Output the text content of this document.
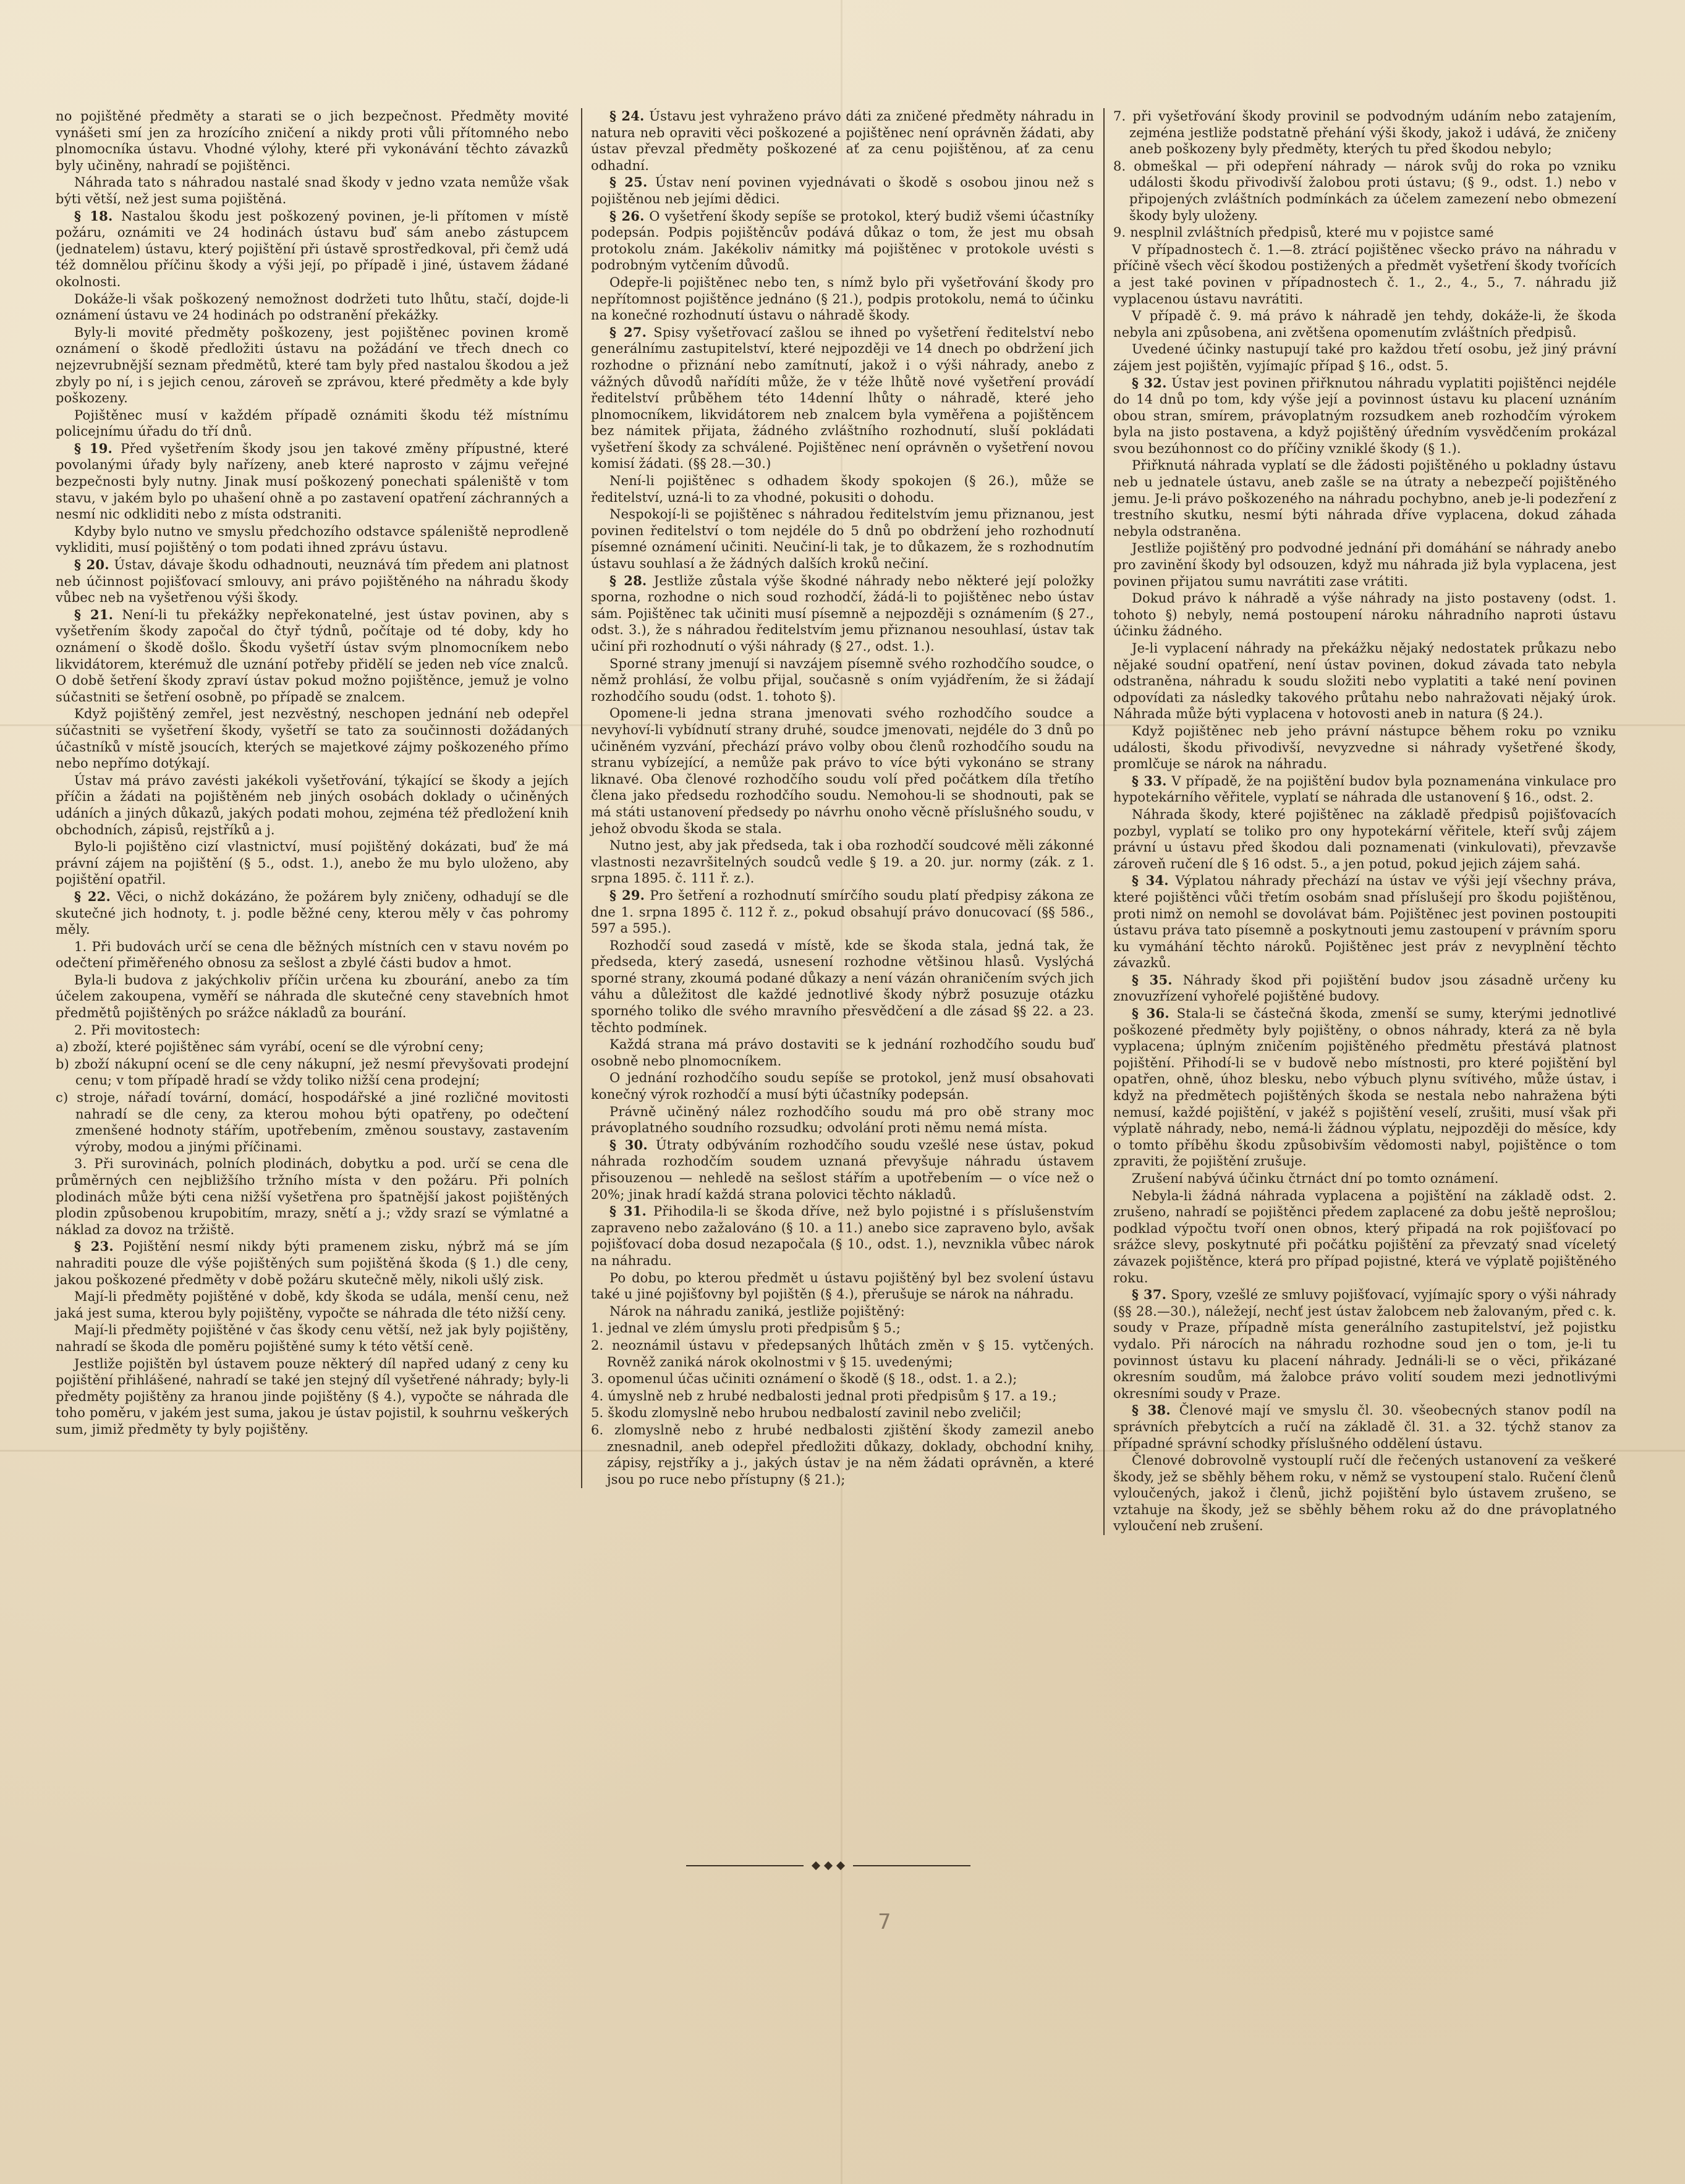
no pojištěné předměty a starati se o jich bezpečnost. Předměty movité vynášeti smí jen za hrozícího zničení a nikdy proti vůli přítomného nebo plnomocníka ústavu. Vhodné výlohy, které při vykonávání těchto závazků byly učiněny, nahradí se pojištěnci.

Náhrada tato s náhradou nastalé snad škody v jedno vzata nemůže však býti větší, než jest suma pojištěná.

§ 18. Nastalou škodu jest poškozený povinen, je-li přítomen v místě požáru, oznámiti ve 24 hodinách ústavu buď sám anebo zástupcem (jednatelem) ústavu, který pojištění při ústavě sprostředkoval, při čemž udá též domnělou příčinu škody a výši její, po případě i jiné, ústavem žádané okolnosti.

Dokáže-li však poškozený nemožnost dodržeti tuto lhůtu, stačí, dojde-li oznámení ústavu ve 24 hodinách po odstranění překážky.

Byly-li movité předměty poškozeny, jest pojištěnec povinen kromě oznámení o škodě předložiti ústavu na požádání ve třech dnech co nejzevrubnější seznam předmětů, které tam byly před nastalou škodou a jež zbyly po ní, i s jejich cenou, zároveň se zprávou, které předměty a kde byly poškozeny.

Pojištěnec musí v každém případě oznámiti škodu též místnímu policejnímu úřadu do tří dnů.

§ 19. Před vyšetřením škody jsou jen takové změny přípustné, které povolanými úřady byly nařízeny, aneb které naprosto v zájmu veřejné bezpečnosti byly nutny. Jinak musí poškozený ponechati spáleniště v tom stavu, v jakém bylo po uhašení ohně a po zastavení opatření záchranných a nesmí nic odkliditi nebo z místa odstraniti.

Kdyby bylo nutno ve smyslu předchozího odstavce spáleniště neprodleně vykliditi, musí pojištěný o tom podati ihned zprávu ústavu.

§ 20. Ústav, dávaje škodu odhadnouti, neuznává tím předem ani platnost neb účinnost pojišťovací smlouvy, ani právo pojištěného na náhradu škody vůbec neb na vyšetřenou výši škody.

§ 21. Není-li tu překážky nepřekonatelné, jest ústav povinen, aby s vyšetřením škody započal do čtyř týdnů, počítaje od té doby, kdy ho oznámení o škodě došlo. Škodu vyšetří ústav svým plnomocníkem nebo likvidátorem, kterémuž dle uznání potřeby přidělí se jeden neb více znalců. O době šetření škody zpraví ústav pokud možno pojištěnce, jemuž je volno súčastniti se šetření osobně, po případě se znalcem.

Když pojištěný zemřel, jest nezvěstný, neschopen jednání neb odepřel súčastniti se vyšetření škody, vyšetří se tato za součinnosti dožádaných účastníků v místě jsoucích, kterých se majetkové zájmy poškozeného přímo nebo nepřímo dotýkají.

Ústav má právo zavésti jakékoli vyšetřování, týkající se škody a jejích příčin a žádati na pojištěném neb jiných osobách doklady o učiněných udáních a jiných důkazů, jakých podati mohou, zejména též předložení knih obchodních, zápisů, rejstříků a j.

Bylo-li pojištěno cizí vlastnictví, musí pojištěný dokázati, buď že má právní zájem na pojištění (§ 5., odst. 1.), anebo že mu bylo uloženo, aby pojištění opatřil.

§ 22. Věci, o nichž dokázáno, že požárem byly zničeny, odhadují se dle skutečné jich hodnoty, t. j. podle běžné ceny, kterou měly v čas pohromy měly.

1. Při budovách určí se cena dle běžných místních cen v stavu novém po odečtení přiměřeného obnosu za sešlost a zbylé části budov a hmot.

Byla-li budova z jakýchkoliv příčin určena ku zbourání, anebo za tím účelem zakoupena, vyměří se náhrada dle skutečné ceny stavebních hmot předmětů pojištěných po srážce nákladů za bourání.

2. Při movitostech:

a) zboží, které pojištěnec sám vyrábí, ocení se dle výrobní ceny;

b) zboží nákupní ocení se dle ceny nákupní, jež nesmí převyšovati prodejní cenu; v tom případě hradí se vždy toliko nižší cena prodejní;

c) stroje, nářadí tovární, domácí, hospodářské a jiné rozličné movitosti nahradí se dle ceny, za kterou mohou býti opatřeny, po odečtení zmenšené hodnoty stářím, upotřebením, změnou soustavy, zastavením výroby, modou a jinými příčinami.

3. Při surovinách, polních plodinách, dobytku a pod. určí se cena dle průměrných cen nejbližšího tržního místa v den požáru. Při polních plodinách může býti cena nižší vyšetřena pro špatnější jakost pojištěných plodin způsobenou krupobitím, mrazy, snětí a j.; vždy srazí se výmlatné a náklad za dovoz na tržiště.

§ 23. Pojištění nesmí nikdy býti pramenem zisku, nýbrž má se jím nahraditi pouze dle výše pojištěných sum pojištěná škoda (§ 1.) dle ceny, jakou poškozené předměty v době požáru skutečně měly, nikoli ušlý zisk.

Mají-li předměty pojištěné v době, kdy škoda se udála, menší cenu, než jaká jest suma, kterou byly pojištěny, vypočte se náhrada dle této nižší ceny.

Mají-li předměty pojištěné v čas škody cenu větší, než jak byly pojištěny, nahradí se škoda dle poměru pojištěné sumy k této větší ceně.

Jestliže pojištěn byl ústavem pouze některý díl napřed udaný z ceny ku pojištění přihlášené, nahradí se také jen stejný díl vyšetřené náhrady; byly-li předměty pojištěny za hranou jinde pojištěny (§ 4.), vypočte se náhrada dle toho poměru, v jakém jest suma, jakou je ústav pojistil, k souhrnu veškerých sum, jimiž předměty ty byly pojištěny.

§ 24. Ústavu jest vyhraženo právo dáti za zničené předměty náhradu in natura neb opraviti věci poškozené a pojištěnec není oprávněn žádati, aby ústav převzal předměty poškozené ať za cenu pojištěnou, ať za cenu odhadní.

§ 25. Ústav není povinen vyjednávati o škodě s osobou jinou než s pojištěnou neb jejími dědici.

§ 26. O vyšetření škody sepíše se protokol, který budiž všemi účastníky podepsán. Podpis pojištěncův podává důkaz o tom, že jest mu obsah protokolu znám. Jakékoliv námitky má pojištěnec v protokole uvésti s podrobným vytčením důvodů.

Odepře-li pojištěnec nebo ten, s nímž bylo při vyšetřování škody pro nepřítomnost pojištěnce jednáno (§ 21.), podpis protokolu, nemá to účinku na konečné rozhodnutí ústavu o náhradě škody.

§ 27. Spisy vyšetřovací zašlou se ihned po vyšetření ředitelství nebo generálnímu zastupitelství, které nejpozději ve 14 dnech po obdržení jich rozhodne o přiznání nebo zamítnutí, jakož i o výši náhrady, anebo z vážných důvodů nařídíti může, že v téže lhůtě nové vyšetření provádí ředitelství průběhem této 14denní lhůty o náhradě, které jeho plnomocníkem, likvidátorem neb znalcem byla vyměřena a pojištěncem bez námitek přijata, žádného zvláštního rozhodnutí, sluší pokládati vyšetření škody za schválené. Pojištěnec není oprávněn o vyšetření novou komisí žádati. (§§ 28.—30.)

Není-li pojištěnec s odhadem škody spokojen (§ 26.), může se ředitelství, uzná-li to za vhodné, pokusiti o dohodu.

Nespokojí-li se pojištěnec s náhradou ředitelstvím jemu přiznanou, jest povinen ředitelství o tom nejdéle do 5 dnů po obdržení jeho rozhodnutí písemné oznámení učiniti. Neučiní-li tak, je to důkazem, že s rozhodnutím ústavu souhlasí a že žádných dalších kroků nečiní.

§ 28. Jestliže zůstala výše škodné náhrady nebo některé její položky sporna, rozhodne o nich soud rozhodčí, žádá-li to pojištěnec nebo ústav sám. Pojištěnec tak učiniti musí písemně a nejpozději s oznámením (§ 27., odst. 3.), že s náhradou ředitelstvím jemu přiznanou nesouhlasí, ústav tak učiní při rozhodnutí o výši náhrady (§ 27., odst. 1.).

Sporné strany jmenují si navzájem písemně svého rozhodčího soudce, o němž prohlásí, že volbu přijal, současně s oním vyjádřením, že si žádají rozhodčího soudu (odst. 1. tohoto §).

Opomene-li jedna strana jmenovati svého rozhodčího soudce a nevyhoví-li vybídnutí strany druhé, soudce jmenovati, nejdéle do 3 dnů po učiněném vyzvání, přechází právo volby obou členů rozhodčího soudu na stranu vybízející, a nemůže pak právo to více býti vykonáno se strany liknavé. Oba členové rozhodčího soudu volí před počátkem díla třetího člena jako předsedu rozhodčího soudu. Nemohou-li se shodnouti, pak se má státi ustanovení předsedy po návrhu onoho věcně příslušného soudu, v jehož obvodu škoda se stala.

Nutno jest, aby jak předseda, tak i oba rozhodčí soudcové měli zákonné vlastnosti nezavršitelných soudců vedle § 19. a 20. jur. normy (zák. z 1. srpna 1895. č. 111 ř. z.).

§ 29. Pro šetření a rozhodnutí smírčího soudu platí předpisy zákona ze dne 1. srpna 1895 č. 112 ř. z., pokud obsahují právo donucovací (§§ 586., 597 a 595.).

Rozhodčí soud zasedá v místě, kde se škoda stala, jedná tak, že předseda, který zasedá, usnesení rozhodne většinou hlasů. Vyslýchá sporné strany, zkoumá podané důkazy a není vázán ohraničením svých jich váhu a důležitost dle každé jednotlivé škody nýbrž posuzuje otázku sporného toliko dle svého mravního přesvědčení a dle zásad §§ 22. a 23. těchto podmínek.

Každá strana má právo dostaviti se k jednání rozhodčího soudu buď osobně nebo plnomocníkem.

O jednání rozhodčího soudu sepíše se protokol, jenž musí obsahovati konečný výrok rozhodčí a musí býti účastníky podepsán.

Právně učiněný nález rozhodčího soudu má pro obě strany moc právoplatného soudního rozsudku; odvolání proti němu nemá místa.

§ 30. Útraty odbýváním rozhodčího soudu vzešlé nese ústav, pokud náhrada rozhodčím soudem uznaná převyšuje náhradu ústavem přisouzenou — nehledě na sešlost stářím a upotřebením — o více než o 20%; jinak hradí každá strana polovici těchto nákladů.

§ 31. Přihodila-li se škoda dříve, než bylo pojistné i s příslušenstvím zapraveno nebo zažalováno (§ 10. a 11.) anebo sice zapraveno bylo, avšak pojišťovací doba dosud nezapočala (§ 10., odst. 1.), nevznikla vůbec nárok na náhradu.

Po dobu, po kterou předmět u ústavu pojištěný byl bez svolení ústavu také u jiné pojišťovny byl pojištěn (§ 4.), přerušuje se nárok na náhradu.

Nárok na náhradu zaniká, jestliže pojištěný:

1. jednal ve zlém úmyslu proti předpisům § 5.;

2. neoznámil ústavu v předepsaných lhůtách změn v § 15. vytčených. Rovněž zaniká nárok okolnostmi v § 15. uvedenými;

3. opomenul účas učiniti oznámení o škodě (§ 18., odst. 1. a 2.);

4. úmyslně neb z hrubé nedbalosti jednal proti předpisům § 17. a 19.;

5. škodu zlomyslně nebo hrubou nedbalostí zavinil nebo zveličil;

6. zlomyslně nebo z hrubé nedbalosti zjištění škody zamezil anebo znesnadnil, aneb odepřel předložiti důkazy, doklady, obchodní knihy, zápisy, rejstříky a j., jakých ústav je na něm žádati oprávněn, a které jsou po ruce nebo přístupny (§ 21.);

7. při vyšetřování škody provinil se podvodným udáním nebo zatajením, zejména jestliže podstatně přehání výši škody, jakož i udává, že zničeny aneb poškozeny byly předměty, kterých tu před škodou nebylo;

8. obmeškal — při odepření náhrady — nárok svůj do roka po vzniku události škodu přivodivší žalobou proti ústavu; (§ 9., odst. 1.) nebo v připojených zvláštních podmínkách za účelem zamezení nebo obmezení škody byly uloženy.

9. nesplnil zvláštních předpisů, které mu v pojistce samé

V případnostech č. 1.—8. ztrácí pojištěnec všecko právo na náhradu v příčině všech věcí škodou postižených a předmět vyšetření škody tvořících a jest také povinen v případnostech č. 1., 2., 4., 5., 7. náhradu již vyplacenou ústavu navrátiti.

V případě č. 9. má právo k náhradě jen tehdy, dokáže-li, že škoda nebyla ani způsobena, ani zvětšena opomenutím zvláštních předpisů.

Uvedené účinky nastupují také pro každou třetí osobu, jež jiný právní zájem jest pojištěn, vyjímajíc případ § 16., odst. 5.

§ 32. Ústav jest povinen přiřknutou náhradu vyplatiti pojištěnci nejdéle do 14 dnů po tom, kdy výše její a povinnost ústavu ku placení uznáním obou stran, smírem, právoplatným rozsudkem aneb rozhodčím výrokem byla na jisto postavena, a když pojištěný úředním vysvědčením prokázal svou bezúhonnost co do příčiny vzniklé škody (§ 1.).

Přiřknutá náhrada vyplatí se dle žádosti pojištěného u pokladny ústavu neb u jednatele ústavu, aneb zašle se na útraty a nebezpečí pojištěného jemu. Je-li právo poškozeného na náhradu pochybno, aneb je-li podezření z trestního skutku, nesmí býti náhrada dříve vyplacena, dokud záhada nebyla odstraněna.

Jestliže pojištěný pro podvodné jednání při domáhání se náhrady anebo pro zavinění škody byl odsouzen, když mu náhrada již byla vyplacena, jest povinen přijatou sumu navrátiti zase vrátiti.

Dokud právo k náhradě a výše náhrady na jisto postaveny (odst. 1. tohoto §) nebyly, nemá postoupení nároku náhradního naproti ústavu účinku žádného.

Je-li vyplacení náhrady na překážku nějaký nedostatek průkazu nebo nějaké soudní opatření, není ústav povinen, dokud závada tato nebyla odstraněna, náhradu k soudu složiti nebo vyplatiti a také není povinen odpovídati za následky takového průtahu nebo nahražovati nějaký úrok. Náhrada může býti vyplacena v hotovosti aneb in natura (§ 24.).

Když pojištěnec neb jeho právní nástupce během roku po vzniku události, škodu přivodivší, nevyzvedne si náhrady vyšetřené škody, promlčuje se nárok na náhradu.

§ 33. V případě, že na pojištění budov byla poznamenána vinkulace pro hypotekárního věřitele, vyplatí se náhrada dle ustanovení § 16., odst. 2.

Náhrada škody, které pojištěnec na základě předpisů pojišťovacích pozbyl, vyplatí se toliko pro ony hypotekární věřitele, kteří svůj zájem právní u ústavu před škodou dali poznamenati (vinkulovati), převzavše zároveň ručení dle § 16 odst. 5., a jen potud, pokud jejich zájem sahá.

§ 34. Výplatou náhrady přechází na ústav ve výši její všechny práva, které pojištěnci vůči třetím osobám snad příslušejí pro škodu pojištěnou, proti nimž on nemohl se dovolávat bám. Pojištěnec jest povinen postoupiti ústavu práva tato písemně a poskytnouti jemu zastoupení v právním sporu ku vymáhání těchto nároků. Pojištěnec jest práv z nevyplnění těchto závazků.

§ 35. Náhrady škod při pojištění budov jsou zásadně určeny ku znovuzřízení vyhořelé pojištěné budovy.

§ 36. Stala-li se částečná škoda, zmenší se sumy, kterými jednotlivé poškozené předměty byly pojištěny, o obnos náhrady, která za ně byla vyplacena; úplným zničením pojištěného předmětu přestává platnost pojištění. Přihodí-li se v budově nebo místnosti, pro které pojištění byl opatřen, ohně, úhoz blesku, nebo výbuch plynu svítivého, může ústav, i když na předmětech pojištěných škoda se nestala nebo nahražena býti nemusí, každé pojištění, v jakéž s pojištění veselí, zrušiti, musí však při výplatě náhrady, nebo, nemá-li žádnou výplatu, nejpozději do měsíce, kdy o tomto příběhu škodu způsobivším vědomosti nabyl, pojištěnce o tom zpraviti, že pojištění zrušuje.

Zrušení nabývá účinku čtrnáct dní po tomto oznámení.

Nebyla-li žádná náhrada vyplacena a pojištění na základě odst. 2. zrušeno, nahradí se pojištěnci předem zaplacené za dobu ještě neprošlou; podklad výpočtu tvoří onen obnos, který připadá na rok pojišťovací po srážce slevy, poskytnuté při počátku pojištění za převzatý snad víceletý závazek pojištěnce, která pro případ pojistné, která ve výplatě pojištěného roku.

§ 37. Spory, vzešlé ze smluvy pojišťovací, vyjímajíc spory o výši náhrady (§§ 28.—30.), náležejí, nechť jest ústav žalobcem neb žalovaným, před c. k. soudy v Praze, případně místa generálního zastupitelství, jež pojistku vydalo. Při nárocích na náhradu rozhodne soud jen o tom, je-li tu povinnost ústavu ku placení náhrady. Jednáli-li se o věci, přikázané okresním soudům, má žalobce právo volití soudem mezi jednotlivými okresními soudy v Praze.

§ 38. Členové mají ve smyslu čl. 30. všeobecných stanov podíl na správních přebytcích a ručí na základě čl. 31. a 32. týchž stanov za případné správní schodky příslušného oddělení ústavu.

Členové dobrovolně vystouplí ručí dle řečených ustanovení za veškeré škody, jež se sběhly během roku, v němž se vystoupení stalo. Ručení členů vyloučených, jakož i členů, jichž pojištění bylo ústavem zrušeno, se vztahuje na škody, jež se sběhly během roku až do dne právoplatného vyloučení neb zrušení.

7
